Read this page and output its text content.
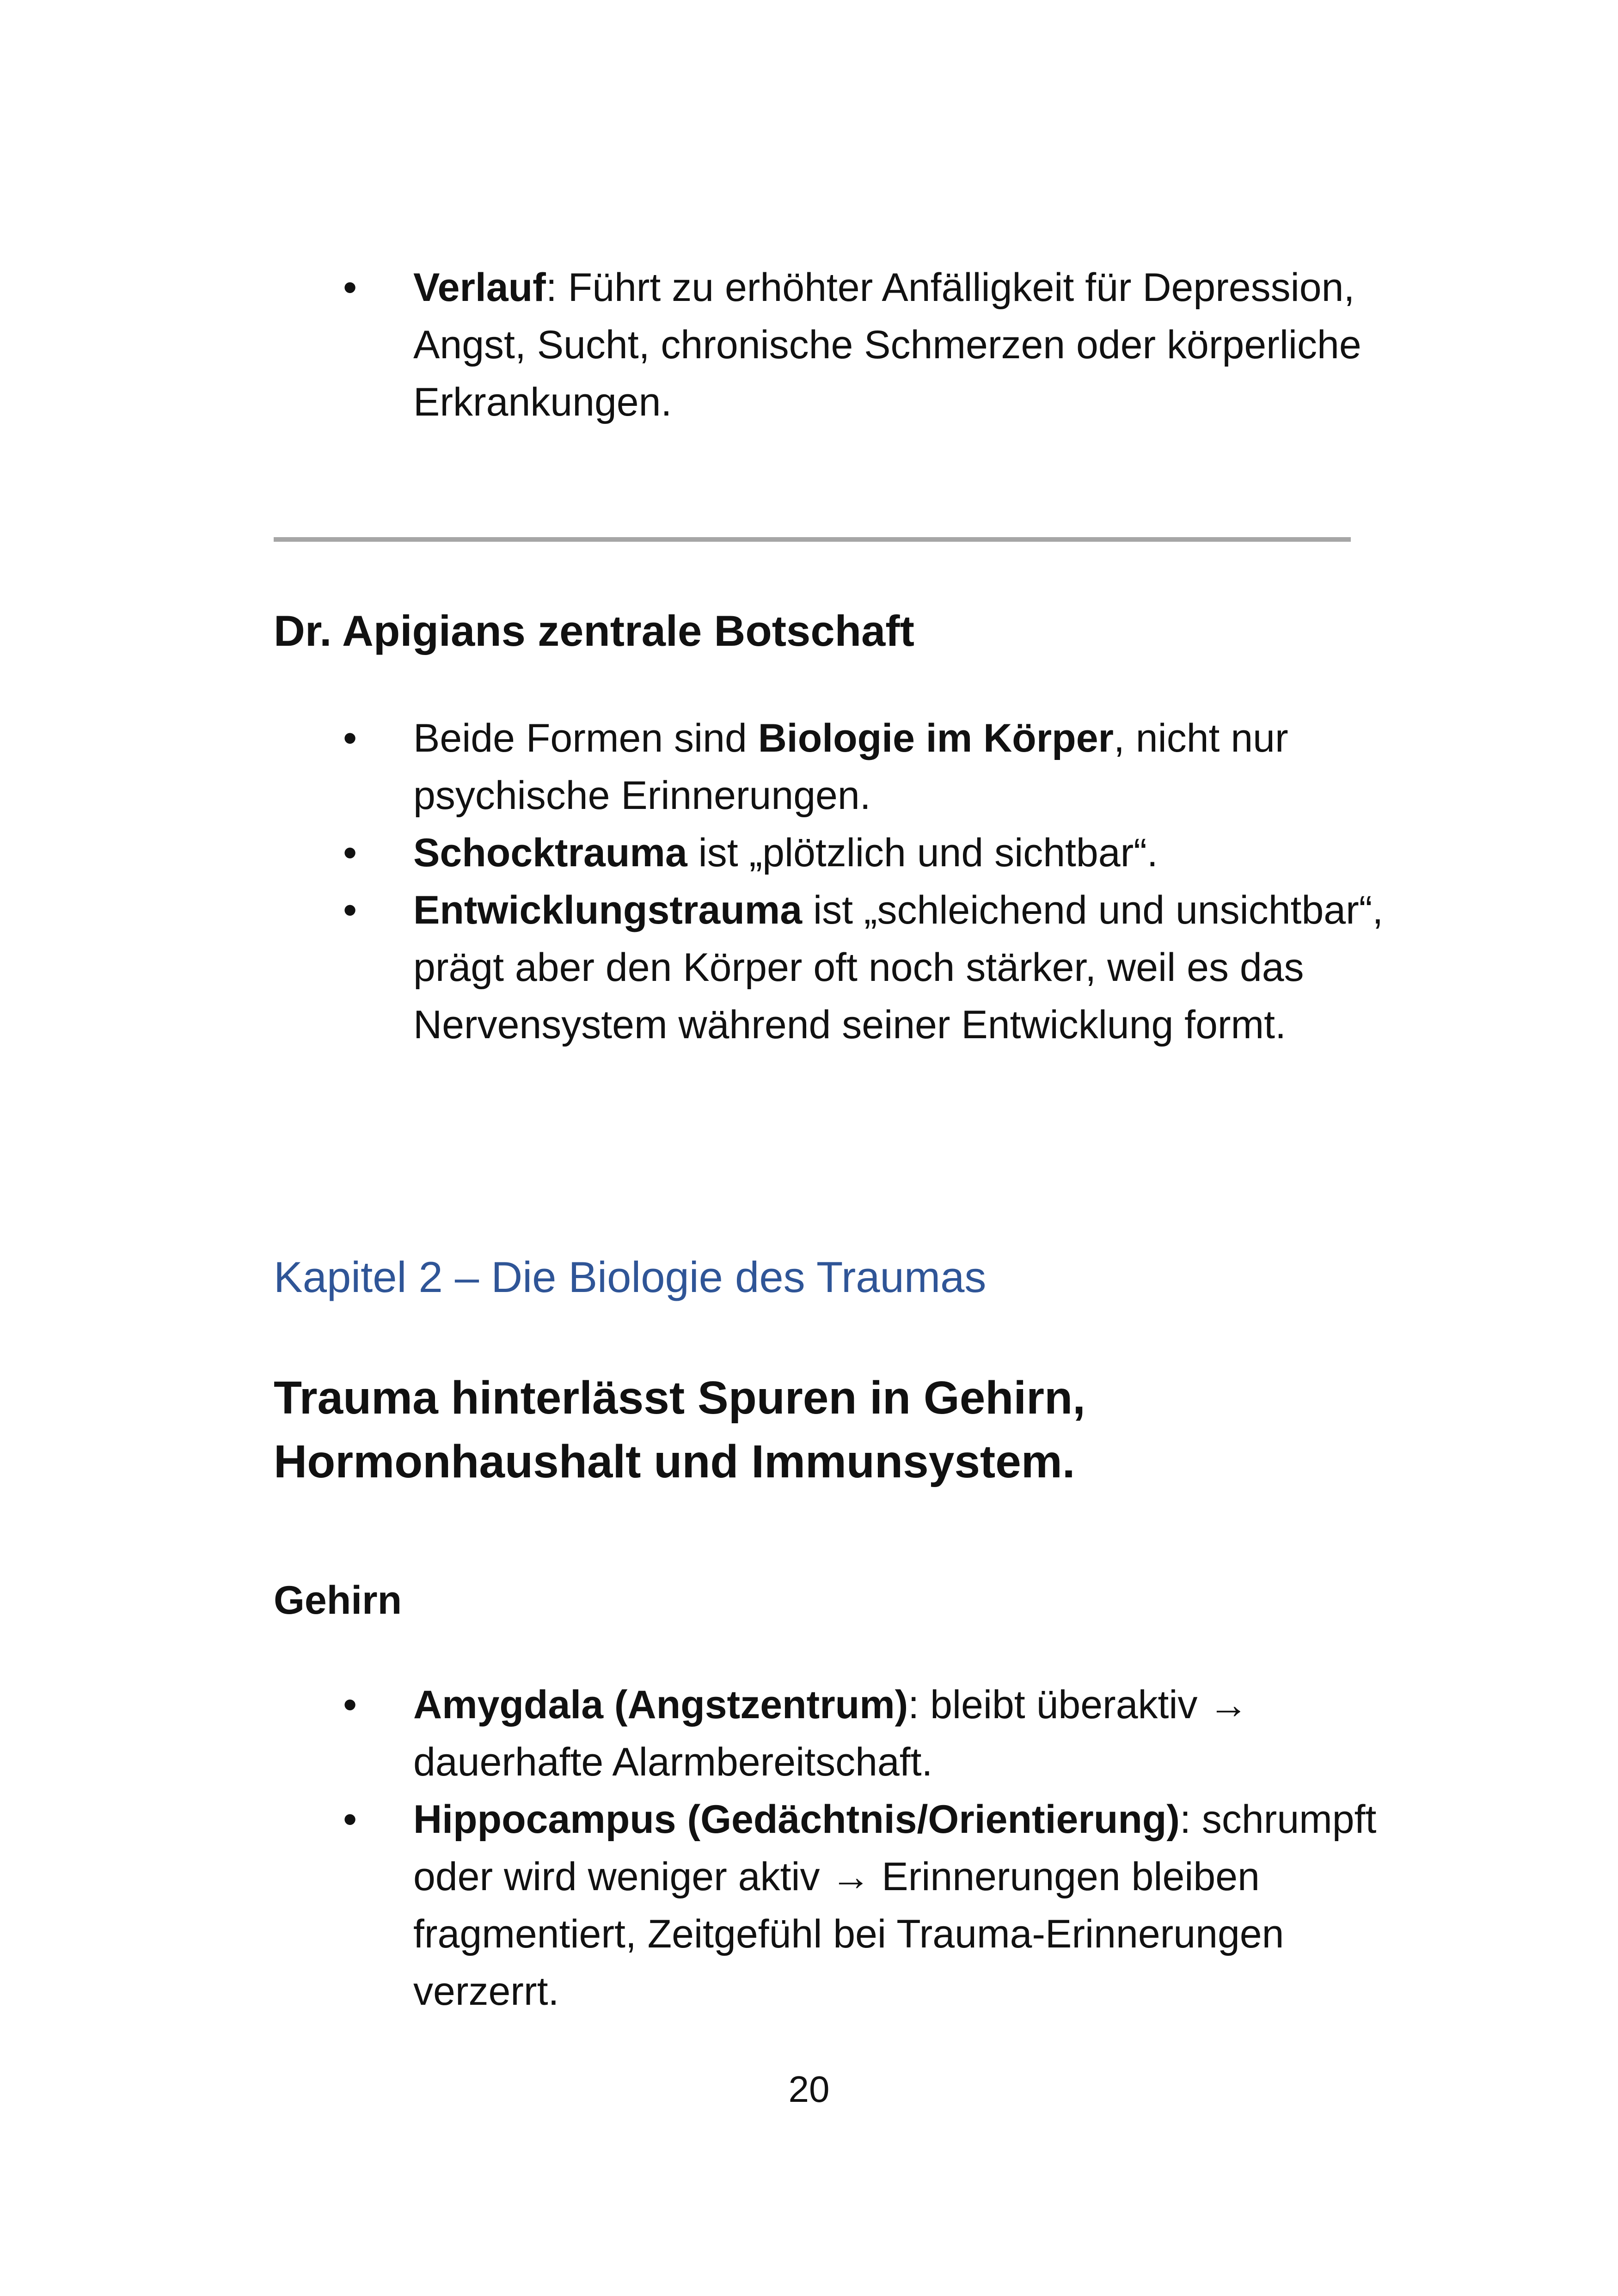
• Verlauf: Führt zu erhöhter Anfälligkeit für Depression, Angst, Sucht, chronische Schmerzen oder körperliche Erkrankungen.
Dr. Apigians zentrale Botschaft
• Beide Formen sind Biologie im Körper, nicht nur psychische Erinnerungen.
• Schocktrauma ist „plötzlich und sichtbar“.
• Entwicklungstrauma ist „schleichend und unsichtbar“, prägt aber den Körper oft noch stärker, weil es das Nervensystem während seiner Entwicklung formt.
Kapitel 2 – Die Biologie des Traumas
Trauma hinterlässt Spuren in Gehirn, Hormonhaushalt und Immunsystem.
Gehirn
• Amygdala (Angstzentrum): bleibt überaktiv → dauerhafte Alarmbereitschaft.
• Hippocampus (Gedächtnis/Orientierung): schrumpft oder wird weniger aktiv → Erinnerungen bleiben fragmentiert, Zeitgefühl bei Trauma-Erinnerungen verzerrt.
20
